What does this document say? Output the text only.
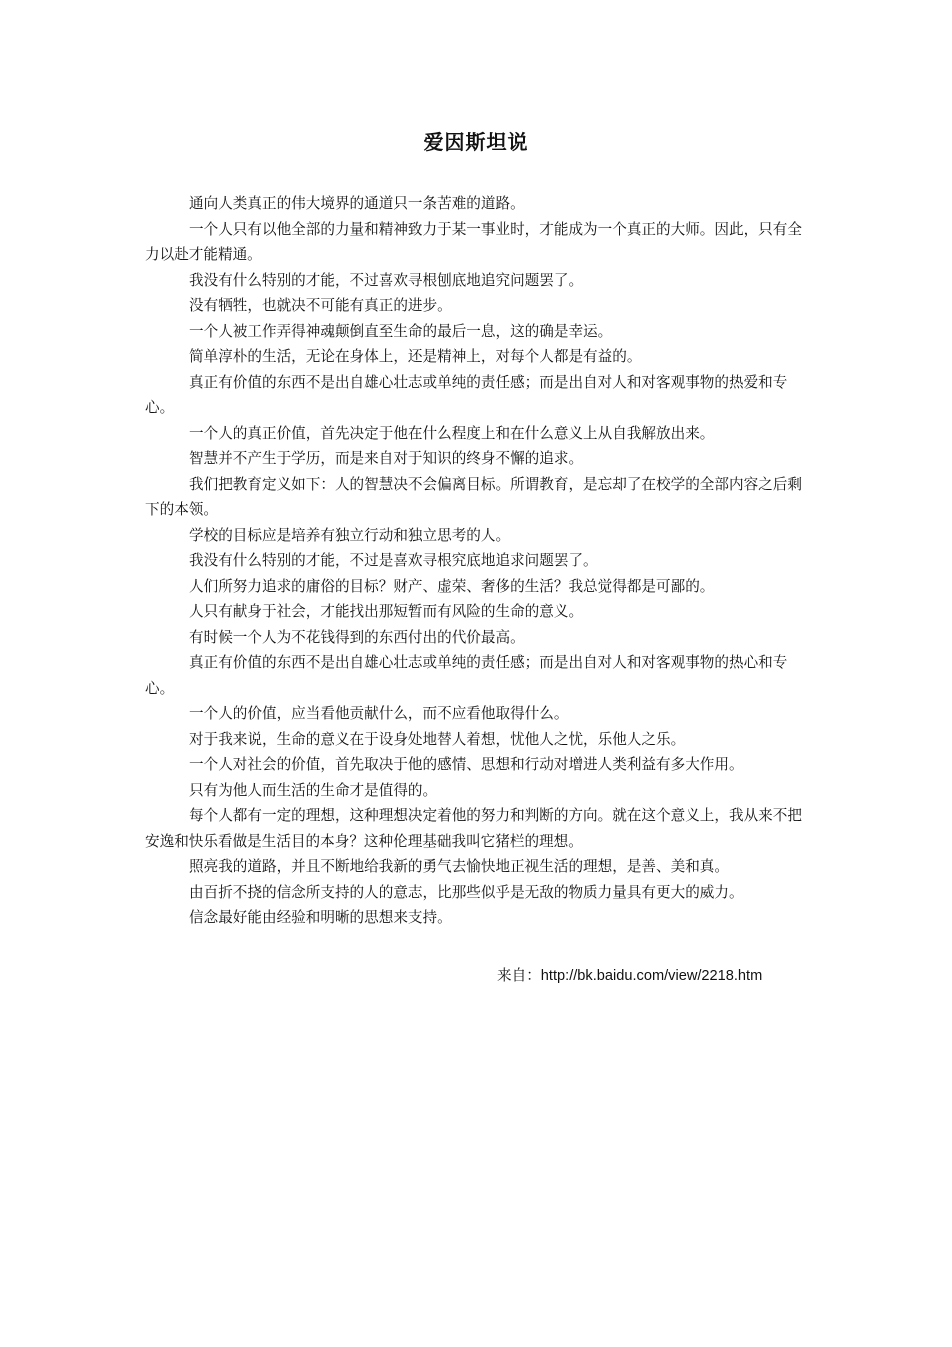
爱因斯坦说

通向人类真正的伟大境界的通道只一条苦难的道路。

一个人只有以他全部的力量和精神致力于某一事业时，才能成为一个真正的大师。因此，只有全力以赴才能精通。

我没有什么特别的才能，不过喜欢寻根刨底地追究问题罢了。

没有牺牲，也就决不可能有真正的进步。

一个人被工作弄得神魂颠倒直至生命的最后一息，这的确是幸运。

简单淳朴的生活，无论在身体上，还是精神上，对每个人都是有益的。

真正有价值的东西不是出自雄心壮志或单纯的责任感；而是出自对人和对客观事物的热爱和专心。

一个人的真正价值，首先决定于他在什么程度上和在什么意义上从自我解放出来。

智慧并不产生于学历，而是来自对于知识的终身不懈的追求。

我们把教育定义如下：人的智慧决不会偏离目标。所谓教育，是忘却了在校学的全部内容之后剩下的本领。

学校的目标应是培养有独立行动和独立思考的人。

我没有什么特别的才能，不过是喜欢寻根究底地追求问题罢了。

人们所努力追求的庸俗的目标？财产、虚荣、奢侈的生活？我总觉得都是可鄙的。

人只有献身于社会，才能找出那短暂而有风险的生命的意义。

有时候一个人为不花钱得到的东西付出的代价最高。

真正有价值的东西不是出自雄心壮志或单纯的责任感；而是出自对人和对客观事物的热心和专心。

一个人的价值，应当看他贡献什么，而不应看他取得什么。

对于我来说，生命的意义在于设身处地替人着想，忧他人之忧，乐他人之乐。

一个人对社会的价值，首先取决于他的感情、思想和行动对增进人类利益有多大作用。

只有为他人而生活的生命才是值得的。

每个人都有一定的理想，这种理想决定着他的努力和判断的方向。就在这个意义上，我从来不把安逸和快乐看做是生活目的本身？这种伦理基础我叫它猪栏的理想。

照亮我的道路，并且不断地给我新的勇气去愉快地正视生活的理想，是善、美和真。

由百折不挠的信念所支持的人的意志，比那些似乎是无敌的物质力量具有更大的威力。

信念最好能由经验和明晰的思想来支持。

来自：http://bk.baidu.com/view/2218.htm
